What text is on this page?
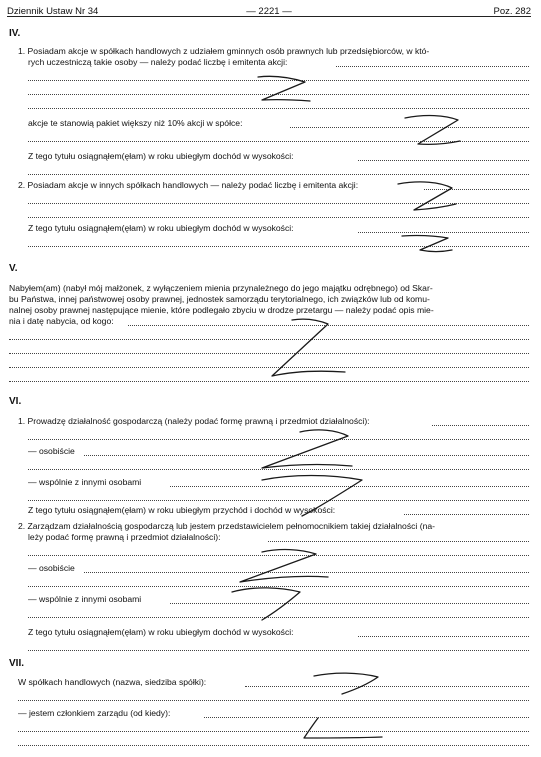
Dziennik Ustaw Nr 34	— 2221 —	Poz. 282
IV.
1. Posiadam akcje w spółkach handlowych z udziałem gminnych osób prawnych lub przedsiębiorców, w któ-
rych uczestniczą takie osoby — należy podać liczbę i emitenta akcji:
akcje te stanowią pakiet większy niż 10% akcji w spółce:
Z tego tytułu osiągnąłem(ęłam) w roku ubiegłym dochód w wysokości:
2. Posiadam akcje w innych spółkach handlowych — należy podać liczbę i emitenta akcji:
Z tego tytułu osiągnąłem(ęłam) w roku ubiegłym dochód w wysokości:
V.
Nabyłem(am) (nabył mój małżonek, z wyłączeniem mienia przynależnego do jego majątku odrębnego) od Skar-
bu Państwa, innej państwowej osoby prawnej, jednostek samorządu terytorialnego, ich związków lub od komu-
nalnej osoby prawnej następujące mienie, które podlegało zbyciu w drodze przetargu — należy podać opis mie-
nia i datę nabycia, od kogo:
VI.
1. Prowadzę działalność gospodarczą (należy podać formę prawną i przedmiot działalności):
— osobiście
— wspólnie z innymi osobami
Z tego tytułu osiągnąłem(ęłam) w roku ubiegłym przychód i dochód w wysokości:
2. Zarządzam działalnością gospodarczą lub jestem przedstawicielem pełnomocnikiem takiej działalności (na-
leży podać formę prawną i przedmiot działalności):
— osobiście
— wspólnie z innymi osobami
Z tego tytułu osiągnąłem(ęłam) w roku ubiegłym dochód w wysokości:
VII.
W spółkach handlowych (nazwa, siedziba spółki):
— jestem członkiem zarządu (od kiedy):
